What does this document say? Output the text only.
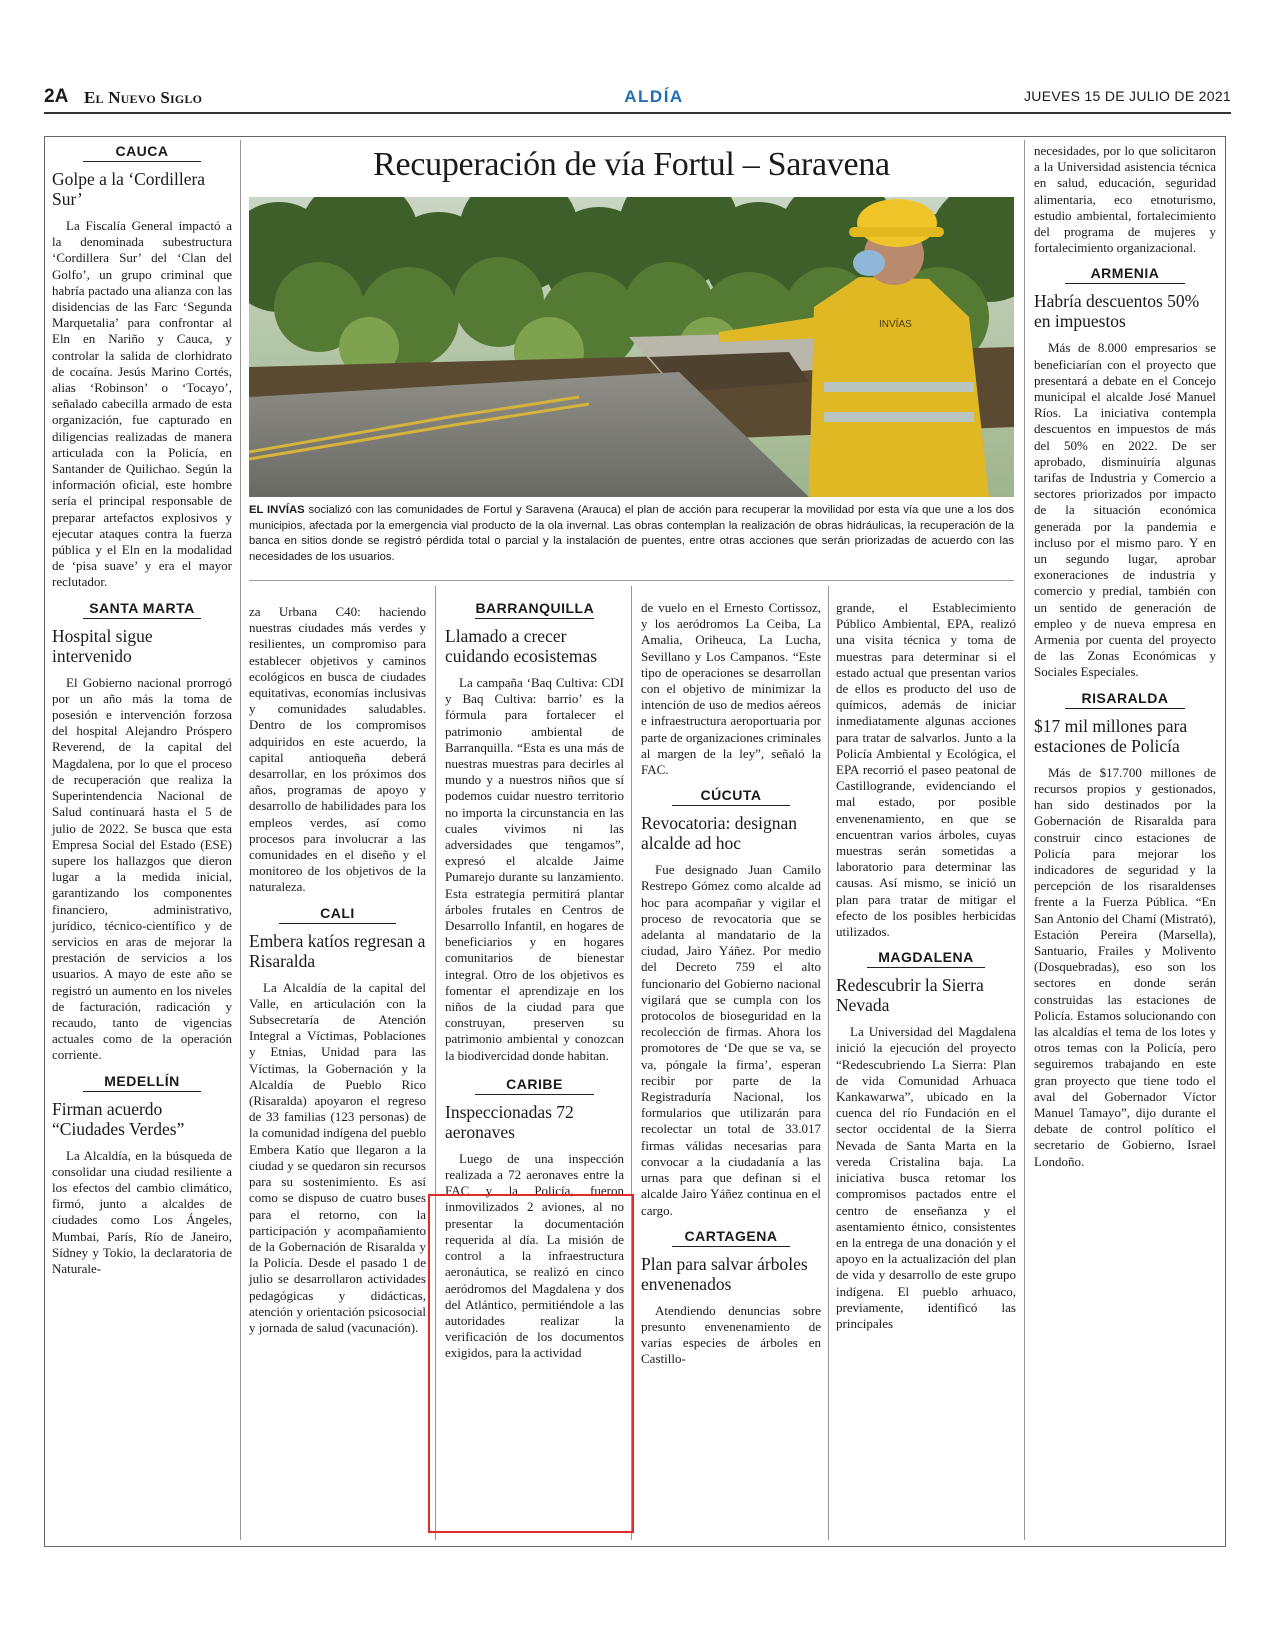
2A El Nuevo Siglo	ALDÍA	JUEVES 15 DE JULIO DE 2021
Recuperación de vía Fortul – Saravena
INVÍAS
EL INVÍAS socializó con las comunidades de Fortul y Saravena (Arauca) el plan de acción para recuperar la movilidad por esta vía que une a los dos municipios, afectada por la emergencia vial producto de la ola invernal. Las obras contemplan la realización de obras hidráulicas, la recuperación de la banca en sitios donde se registró pérdida total o parcial y la instalación de puentes, entre otras acciones que serán priorizadas de acuerdo con las necesidades de los usuarios.
CAUCA
Golpe a la ‘Cordillera Sur’

La Fiscalía General impactó a la denominada subestructura ‘Cordillera Sur’ del ‘Clan del Golfo’, un grupo criminal que habría pactado una alianza con las disidencias de las Farc ‘Segunda Marquetalia’ para confrontar al Eln en Nariño y Cauca, y controlar la salida de clorhidrato de cocaína. Jesús Marino Cortés, alias ‘Robinson’ o ‘Tocayo’, señalado cabecilla armado de esta organización, fue capturado en diligencias realizadas de manera articulada con la Policía, en Santander de Quilichao. Según la información oficial, este hombre sería el principal responsable de preparar artefactos explosivos y ejecutar ataques contra la fuerza pública y el Eln en la modalidad de ‘pisa suave’ y era el mayor reclutador.

SANTA MARTA
Hospital sigue intervenido

El Gobierno nacional prorrogó por un año más la toma de posesión e intervención forzosa del hospital Alejandro Próspero Reverend, de la capital del Magdalena, por lo que el proceso de recuperación que realiza la Superintendencia Nacional de Salud continuará hasta el 5 de julio de 2022. Se busca que esta Empresa Social del Estado (ESE) supere los hallazgos que dieron lugar a la medida inicial, garantizando los componentes financiero, administrativo, jurídico, técnico-científico y de servicios en aras de mejorar la prestación de servicios a los usuarios. A mayo de este año se registró un aumento en los niveles de facturación, radicación y recaudo, tanto de vigencias actuales como de la operación corriente.

MEDELLÍN
Firman acuerdo “Ciudades Verdes”

La Alcaldía, en la búsqueda de consolidar una ciudad resiliente a los efectos del cambio climático, firmó, junto a alcaldes de ciudades como Los Ángeles, Mumbai, París, Río de Janeiro, Sídney y Tokio, la declaratoria de Naturale-

za Urbana C40: haciendo nuestras ciudades más verdes y resilientes, un compromiso para establecer objetivos y caminos ecológicos en busca de ciudades equitativas, economías inclusivas y comunidades saludables. Dentro de los compromisos adquiridos en este acuerdo, la capital antioqueña deberá desarrollar, en los próximos dos años, programas de apoyo y desarrollo de habilidades para los empleos verdes, así como procesos para involucrar a las comunidades en el diseño y el monitoreo de los objetivos de la naturaleza.

CALI
Embera katíos regresan a Risaralda

La Alcaldía de la capital del Valle, en articulación con la Subsecretaría de Atención Integral a Víctimas, Poblaciones y Etnias, Unidad para las Víctimas, la Gobernación y la Alcaldía de Pueblo Rico (Risaralda) apoyaron el regreso de 33 familias (123 personas) de la comunidad indígena del pueblo Embera Katío que llegaron a la ciudad y se quedaron sin recursos para su sostenimiento. Es así como se dispuso de cuatro buses para el retorno, con la participación y acompañamiento de la Gobernación de Risaralda y la Policía. Desde el pasado 1 de julio se desarrollaron actividades pedagógicas y didácticas, atención y orientación psicosocial y jornada de salud (vacunación).

BARRANQUILLA
Llamado a crecer cuidando ecosistemas

La campaña ‘Baq Cultiva: CDI y Baq Cultiva: barrio’ es la fórmula para fortalecer el patrimonio ambiental de Barranquilla. “Esta es una más de nuestras muestras para decirles al mundo y a nuestros niños que sí podemos cuidar nuestro territorio no importa la circunstancia en las cuales vivimos ni las adversidades que tengamos”, expresó el alcalde Jaime Pumarejo durante su lanzamiento. Esta estrategia permitirá plantar árboles frutales en Centros de Desarrollo Infantil, en hogares de beneficiarios y en hogares comunitarios de bienestar integral. Otro de los objetivos es fomentar el aprendizaje en los niños de la ciudad para que construyan, preserven su patrimonio ambiental y conozcan la biodivercidad donde habitan.

CARIBE
Inspeccionadas 72 aeronaves

Luego de una inspección realizada a 72 aeronaves entre la FAC y la Policía, fueron inmovilizados 2 aviones, al no presentar la documentación requerida al día. La misión de control a la infraestructura aeronáutica, se realizó en cinco aeródromos del Magdalena y dos del Atlántico, permitiéndole a las autoridades realizar la verificación de los documentos exigidos, para la actividad

de vuelo en el Ernesto Cortissoz, y los aeródromos La Ceiba, La Amalia, Oriheuca, La Lucha, Sevillano y Los Campanos. “Este tipo de operaciones se desarrollan con el objetivo de minimizar la intención de uso de medios aéreos e infraestructura aeroportuaria por parte de organizaciones criminales al margen de la ley”, señaló la FAC.

CÚCUTA
Revocatoria: designan alcalde ad hoc

Fue designado Juan Camilo Restrepo Gómez como alcalde ad hoc para acompañar y vigilar el proceso de revocatoria que se adelanta al mandatario de la ciudad, Jairo Yáñez. Por medio del Decreto 759 el alto funcionario del Gobierno nacional vigilará que se cumpla con los protocolos de bioseguridad en la recolección de firmas. Ahora los promotores de ‘De que se va, se va, póngale la firma’, esperan recibir por parte de la Registraduría Nacional, los formularios que utilizarán para recolectar un total de 33.017 firmas válidas necesarias para convocar a la ciudadanía a las urnas para que definan si el alcalde Jairo Yáñez continua en el cargo.

CARTAGENA
Plan para salvar árboles envenenados

Atendiendo denuncias sobre presunto envenenamiento de varias especies de árboles en Castillo-

grande, el Establecimiento Público Ambiental, EPA, realizó una visita técnica y toma de muestras para determinar si el estado actual que presentan varios de ellos es producto del uso de químicos, además de iniciar inmediatamente algunas acciones para tratar de salvarlos. Junto a la Policía Ambiental y Ecológica, el EPA recorrió el paseo peatonal de Castillogrande, evidenciando el mal estado, por posible envenenamiento, en que se encuentran varios árboles, cuyas muestras serán sometidas a laboratorio para determinar las causas. Así mismo, se inició un plan para tratar de mitigar el efecto de los posibles herbicidas utilizados.

MAGDALENA
Redescubrir la Sierra Nevada

La Universidad del Magdalena inició la ejecución del proyecto “Redescubriendo La Sierra: Plan de vida Comunidad Arhuaca Kankawarwa”, ubicado en la cuenca del río Fundación en el sector occidental de la Sierra Nevada de Santa Marta en la vereda Cristalina baja. La iniciativa busca retomar los compromisos pactados entre el centro de enseñanza y el asentamiento étnico, consistentes en la entrega de una donación y el apoyo en la actualización del plan de vida y desarrollo de este grupo indígena. El pueblo arhuaco, previamente, identificó las principales

necesidades, por lo que solicitaron a la Universidad asistencia técnica en salud, educación, seguridad alimentaria, eco etnoturismo, estudio ambiental, fortalecimiento del programa de mujeres y fortalecimiento organizacional.

ARMENIA
Habría descuentos 50% en impuestos

Más de 8.000 empresarios se beneficiarían con el proyecto que presentará a debate en el Concejo municipal el alcalde José Manuel Ríos. La iniciativa contempla descuentos en impuestos de más del 50% en 2022. De ser aprobado, disminuiría algunas tarifas de Industria y Comercio a sectores priorizados por impacto de la situación económica generada por la pandemia e incluso por el mismo paro. Y en un segundo lugar, aprobar exoneraciones de industria y comercio y predial, también con un sentido de generación de empleo y de nueva empresa en Armenia por cuenta del proyecto de las Zonas Económicas y Sociales Especiales.

RISARALDA
$17 mil millones para estaciones de Policía

Más de $17.700 millones de recursos propios y gestionados, han sido destinados por la Gobernación de Risaralda para construir cinco estaciones de Policía para mejorar los indicadores de seguridad y la percepción de los risaraldenses frente a la Fuerza Pública. “En San Antonio del Chamí (Mistrató), Estación Pereira (Marsella), Santuario, Frailes y Molivento (Dosquebradas), eso son los sectores en donde serán construidas las estaciones de Policía. Estamos solucionando con las alcaldías el tema de los lotes y otros temas con la Policía, pero seguiremos trabajando en este gran proyecto que tiene todo el aval del Gobernador Víctor Manuel Tamayo”, dijo durante el debate de control político el secretario de Gobierno, Israel Londoño.
